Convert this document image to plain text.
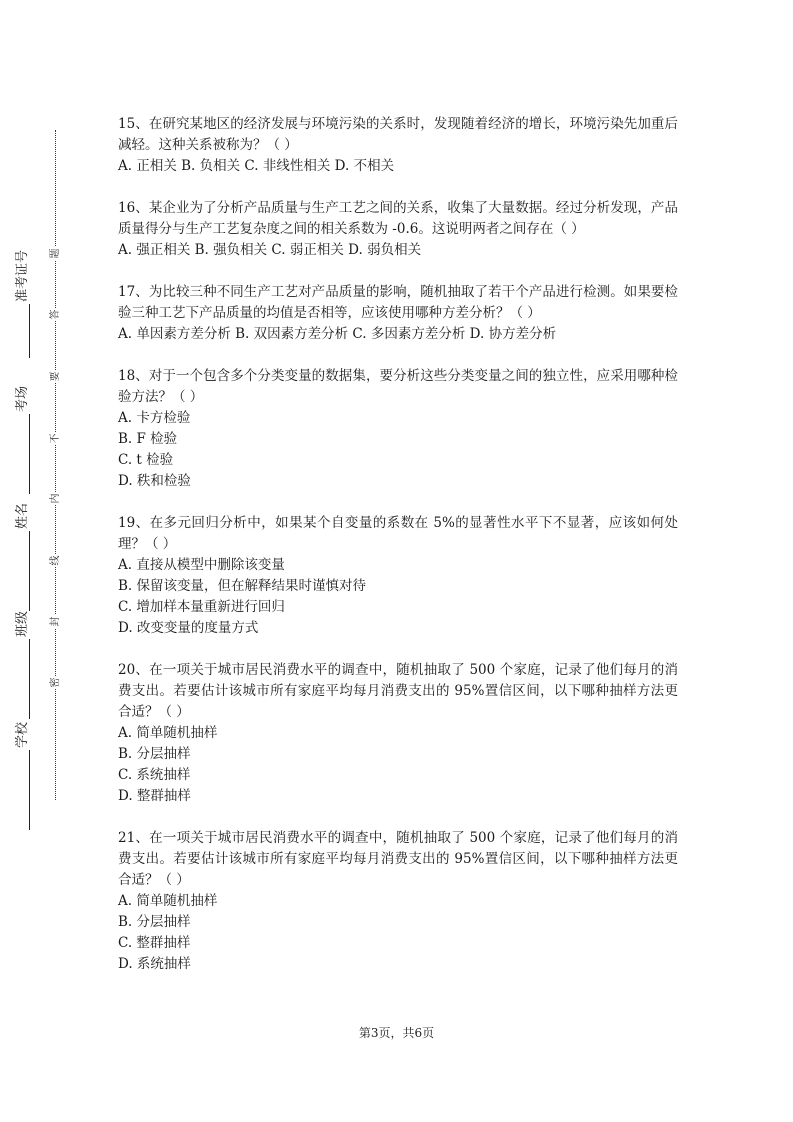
准考证号
考场
姓名
班级
学校
题
答
要
不
内
线
封
密

15、在研究某地区的经济发展与环境污染的关系时，发现随着经济的增长，环境污染先加重后减轻。这种关系被称为？（ ）

A. 正相关 B. 负相关 C. 非线性相关 D. 不相关

16、某企业为了分析产品质量与生产工艺之间的关系，收集了大量数据。经过分析发现，产品质量得分与生产工艺复杂度之间的相关系数为 -0.6。这说明两者之间存在（ ）

A. 强正相关 B. 强负相关 C. 弱正相关 D. 弱负相关

17、为比较三种不同生产工艺对产品质量的影响，随机抽取了若干个产品进行检测。如果要检验三种工艺下产品质量的均值是否相等，应该使用哪种方差分析？（ ）

A. 单因素方差分析 B. 双因素方差分析 C. 多因素方差分析 D. 协方差分析

18、对于一个包含多个分类变量的数据集，要分析这些分类变量之间的独立性，应采用哪种检验方法？（ ）

A. 卡方检验

B. F 检验

C. t 检验

D. 秩和检验

19、在多元回归分析中，如果某个自变量的系数在 5%的显著性水平下不显著，应该如何处理？（ ）

A. 直接从模型中删除该变量

B. 保留该变量，但在解释结果时谨慎对待

C. 增加样本量重新进行回归

D. 改变变量的度量方式

20、在一项关于城市居民消费水平的调查中，随机抽取了 500 个家庭，记录了他们每月的消费支出。若要估计该城市所有家庭平均每月消费支出的 95%置信区间，以下哪种抽样方法更合适？（ ）

A. 简单随机抽样

B. 分层抽样

C. 系统抽样

D. 整群抽样

21、在一项关于城市居民消费水平的调查中，随机抽取了 500 个家庭，记录了他们每月的消费支出。若要估计该城市所有家庭平均每月消费支出的 95%置信区间，以下哪种抽样方法更合适？（ ）

A. 简单随机抽样

B. 分层抽样

C. 整群抽样

D. 系统抽样

第3页，共6页
